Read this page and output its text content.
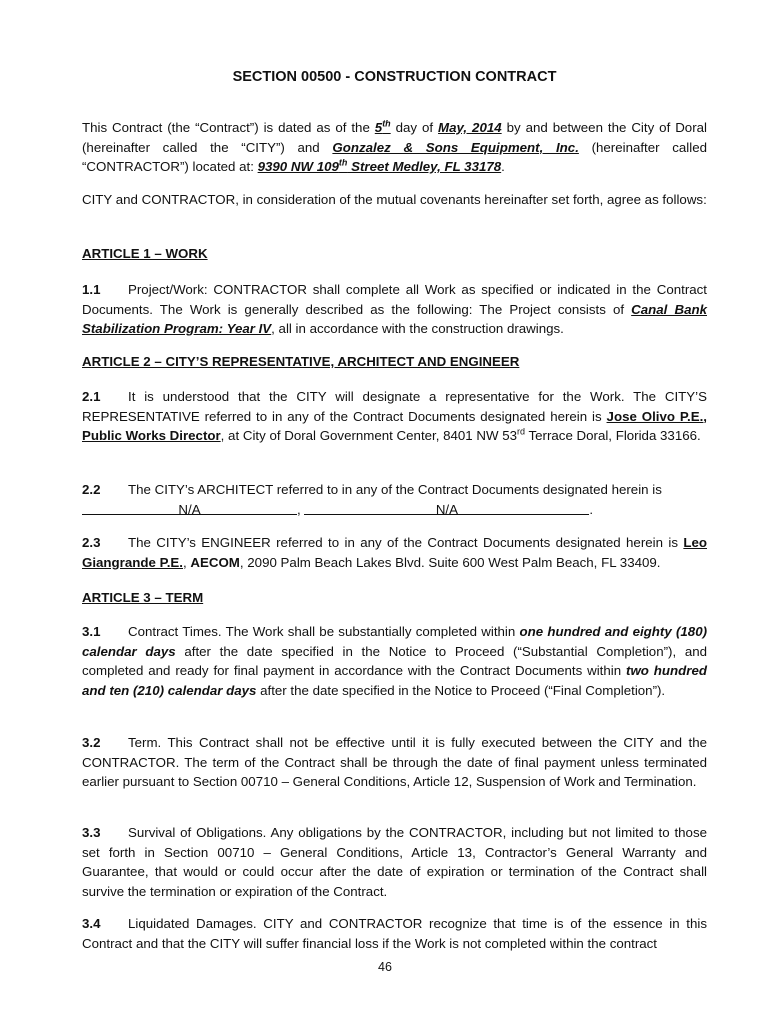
SECTION 00500 - CONSTRUCTION CONTRACT

This Contract (the “Contract”) is dated as of the 5th day of May, 2014 by and between the City of Doral (hereinafter called the “CITY”) and Gonzalez & Sons Equipment, Inc. (hereinafter called “CONTRACTOR”) located at: 9390 NW 109th Street Medley, FL 33178.

CITY and CONTRACTOR, in consideration of the mutual covenants hereinafter set forth, agree as follows:

ARTICLE 1 – WORK

1.1 Project/Work: CONTRACTOR shall complete all Work as specified or indicated in the Contract Documents. The Work is generally described as the following: The Project consists of Canal Bank Stabilization Program: Year IV, all in accordance with the construction drawings.

ARTICLE 2 – CITY’S REPRESENTATIVE, ARCHITECT AND ENGINEER

2.1 It is understood that the CITY will designate a representative for the Work. The CITY’S REPRESENTATIVE referred to in any of the Contract Documents designated herein is Jose Olivo P.E., Public Works Director, at City of Doral Government Center, 8401 NW 53rd Terrace Doral, Florida 33166.

2.2 The CITY’s ARCHITECT referred to in any of the Contract Documents designated herein is
N/A	,	N/A	.

2.3 The CITY’s ENGINEER referred to in any of the Contract Documents designated herein is Leo Giangrande P.E., AECOM, 2090 Palm Beach Lakes Blvd. Suite 600 West Palm Beach, FL 33409.

ARTICLE 3 – TERM

3.1 Contract Times. The Work shall be substantially completed within one hundred and eighty (180) calendar days after the date specified in the Notice to Proceed (“Substantial Completion”), and completed and ready for final payment in accordance with the Contract Documents within two hundred and ten (210) calendar days after the date specified in the Notice to Proceed (“Final Completion”).

3.2 Term. This Contract shall not be effective until it is fully executed between the CITY and the CONTRACTOR. The term of the Contract shall be through the date of final payment unless terminated earlier pursuant to Section 00710 – General Conditions, Article 12, Suspension of Work and Termination.

3.3 Survival of Obligations. Any obligations by the CONTRACTOR, including but not limited to those set forth in Section 00710 – General Conditions, Article 13, Contractor’s General Warranty and Guarantee, that would or could occur after the date of expiration or termination of the Contract shall survive the termination or expiration of the Contract.

3.4 Liquidated Damages. CITY and CONTRACTOR recognize that time is of the essence in this Contract and that the CITY will suffer financial loss if the Work is not completed within the contract

46
